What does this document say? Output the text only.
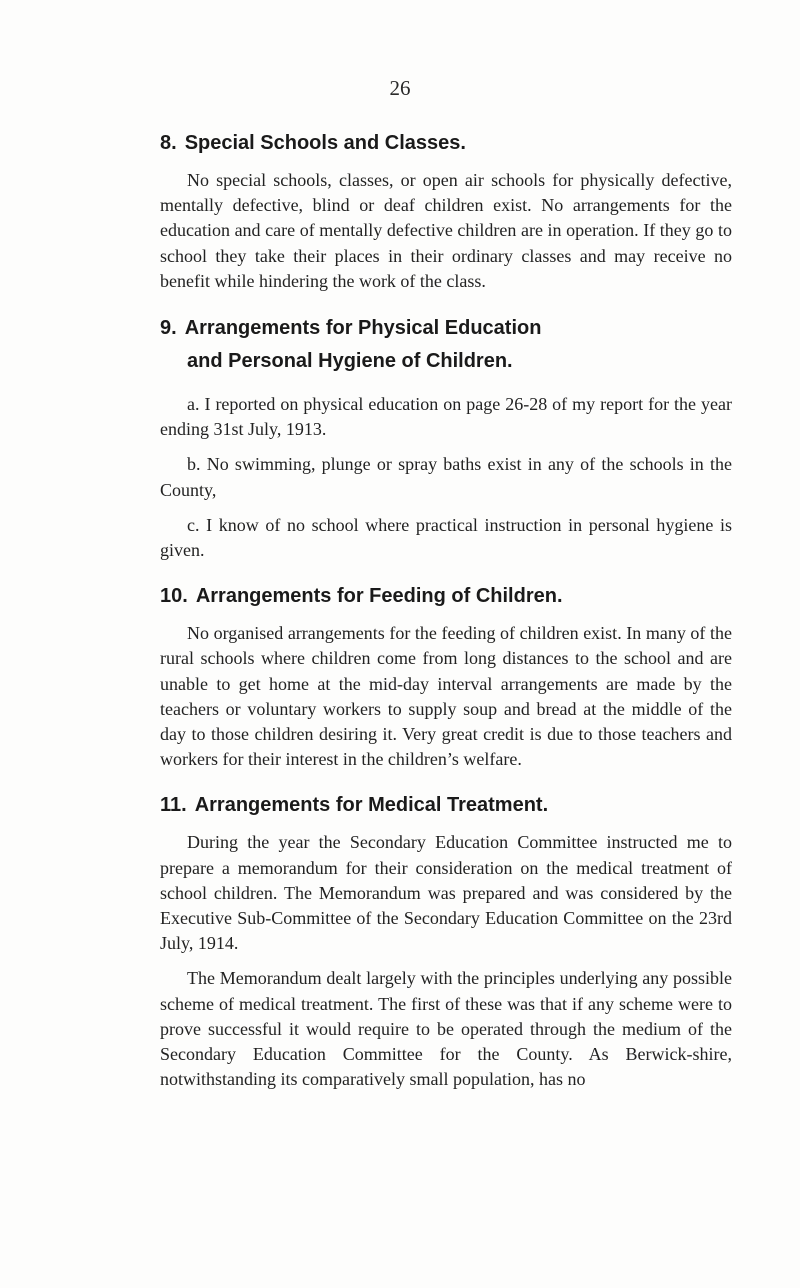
26
8. Special Schools and Classes.

No special schools, classes, or open air schools for physically defective, mentally defective, blind or deaf children exist. No arrangements for the education and care of mentally defective children are in operation. If they go to school they take their places in their ordinary classes and may receive no benefit while hindering the work of the class.

9. Arrangements for Physical Education
and Personal Hygiene of Children.

a. I reported on physical education on page 26-28 of my report for the year ending 31st July, 1913.

b. No swimming, plunge or spray baths exist in any of the schools in the County,

c. I know of no school where practical instruction in personal hygiene is given.

10. Arrangements for Feeding of Children.

No organised arrangements for the feeding of children exist. In many of the rural schools where children come from long distances to the school and are unable to get home at the mid-day interval arrangements are made by the teachers or voluntary workers to supply soup and bread at the middle of the day to those children desiring it. Very great credit is due to those teachers and workers for their interest in the children’s welfare.

11. Arrangements for Medical Treatment.

During the year the Secondary Education Committee instructed me to prepare a memorandum for their consideration on the medical treatment of school children. The Memorandum was prepared and was considered by the Executive Sub-Committee of the Secondary Education Committee on the 23rd July, 1914.

The Memorandum dealt largely with the principles underlying any possible scheme of medical treatment. The first of these was that if any scheme were to prove successful it would require to be operated through the medium of the Secondary Education Committee for the County. As Berwick-shire, notwithstanding its comparatively small population, has no
